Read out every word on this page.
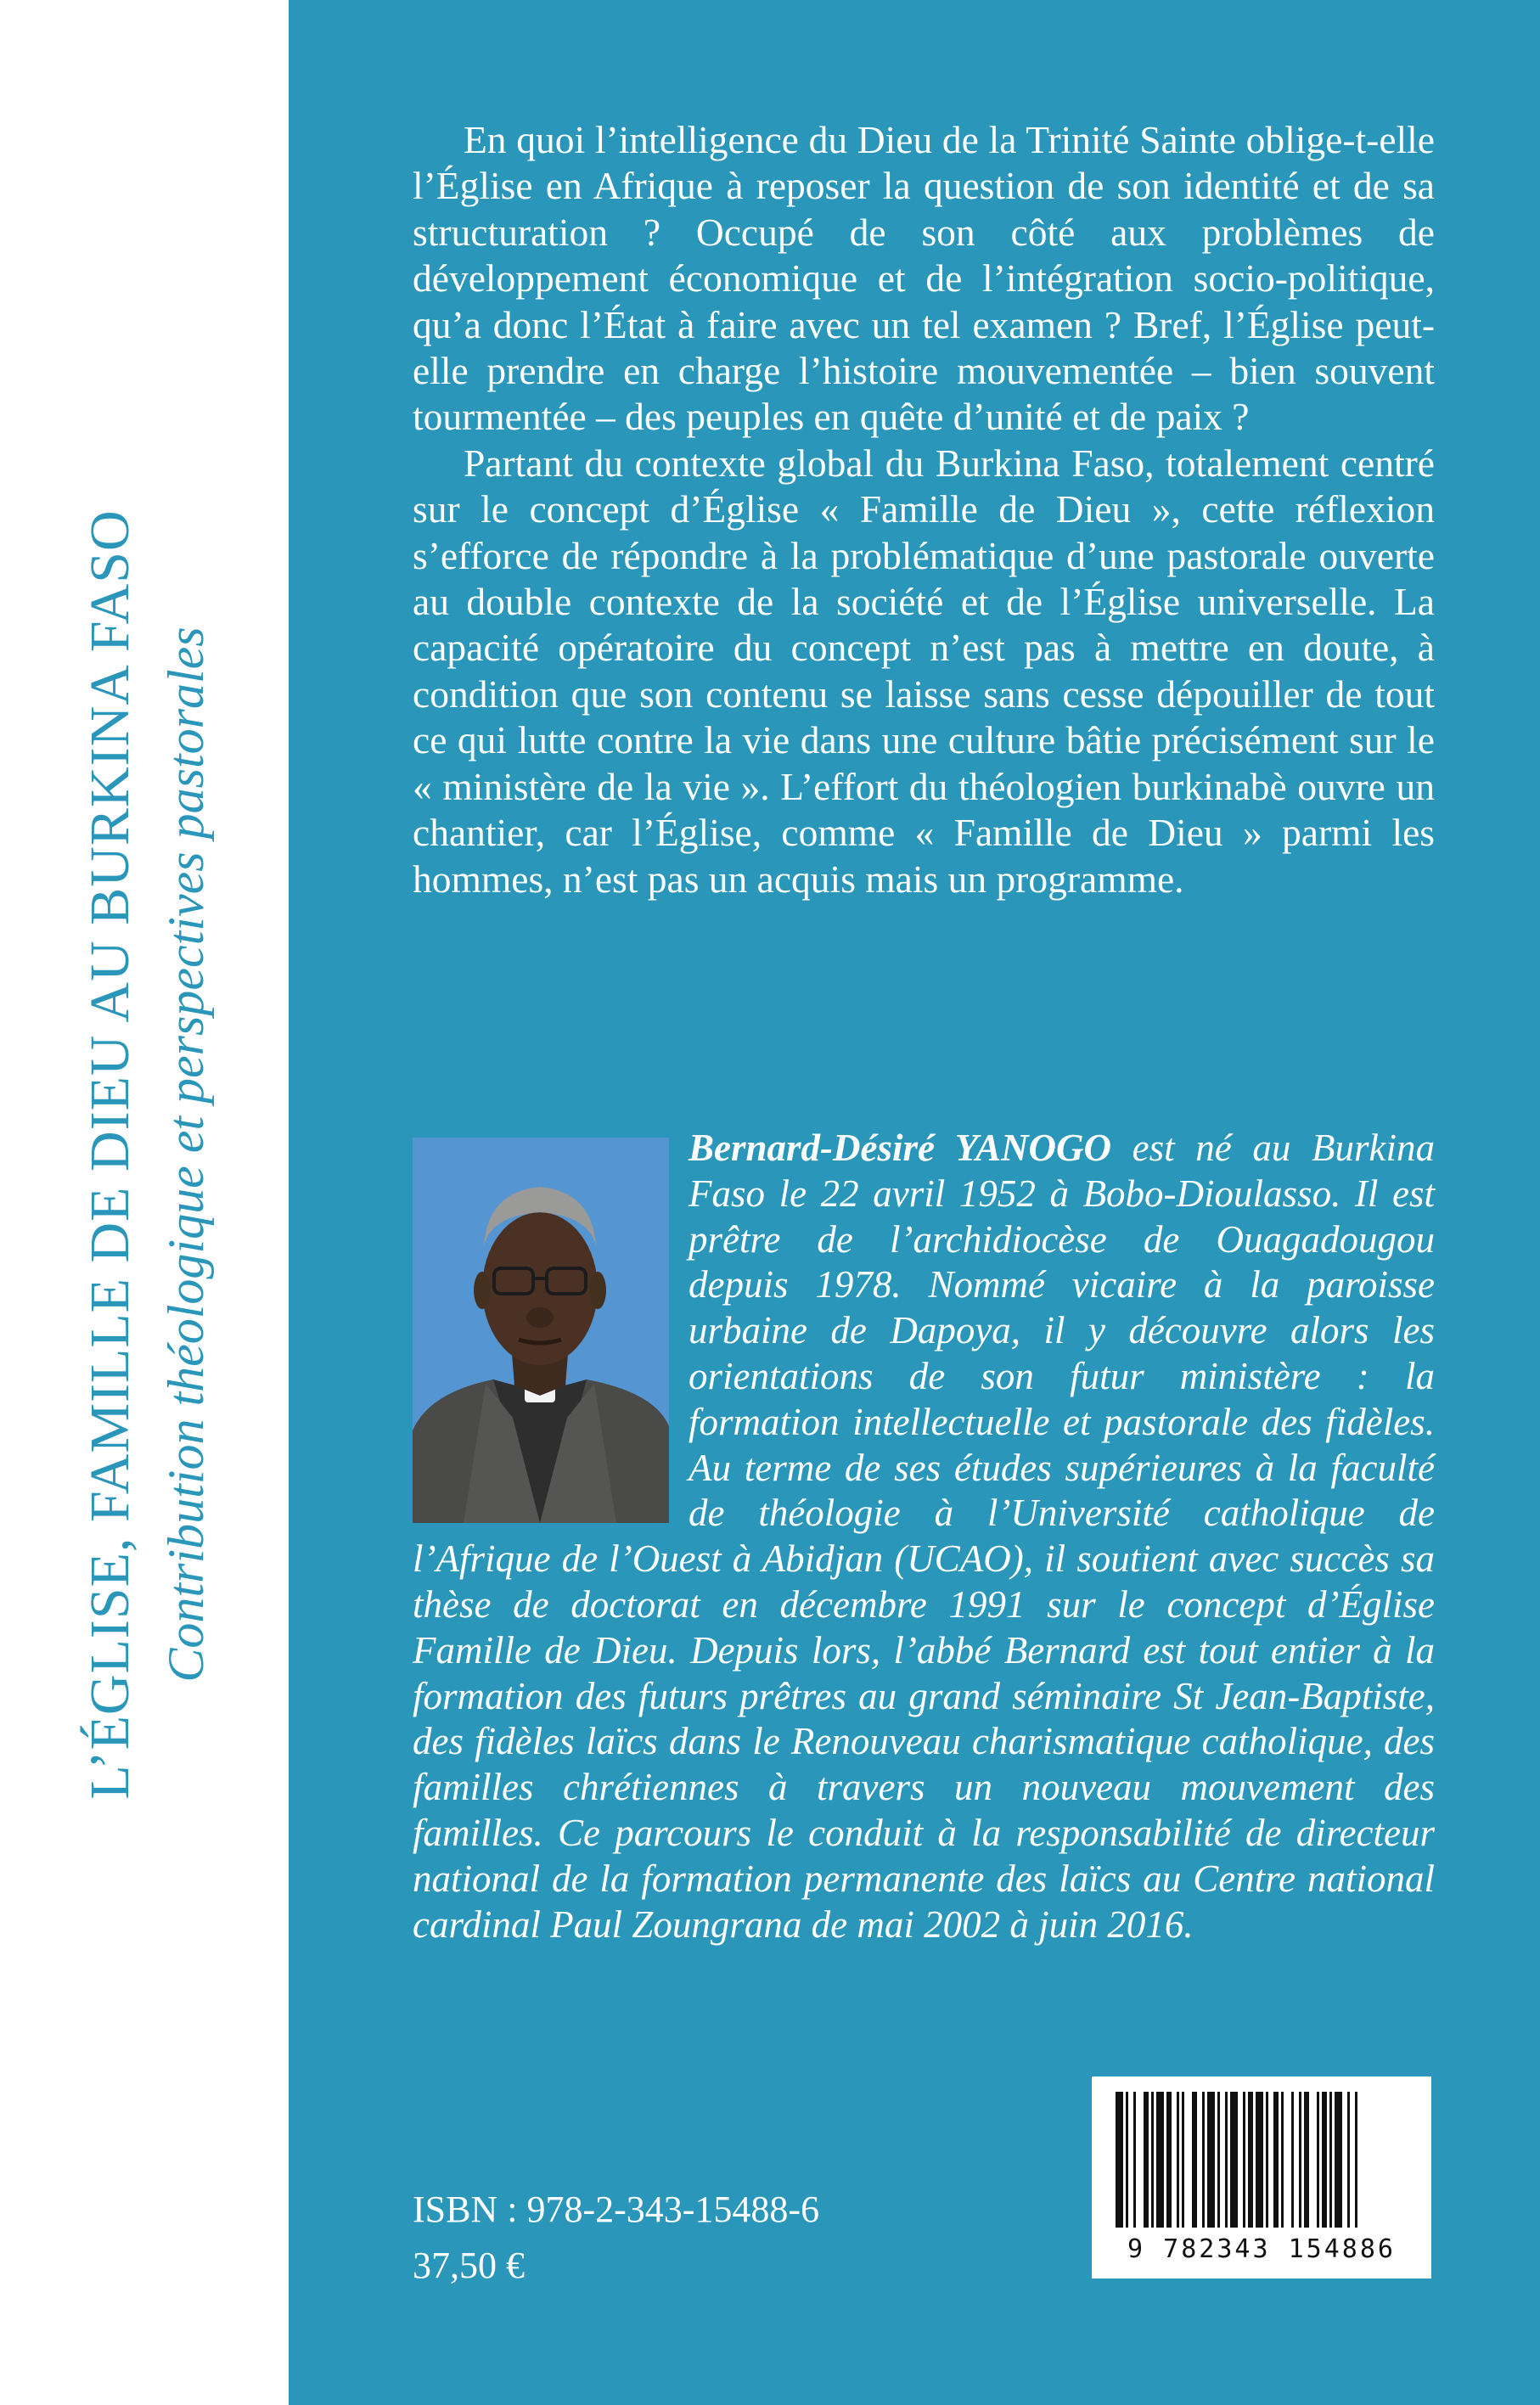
L’ÉGLISE, FAMILLE DE DIEU AU BURKINA FASO Contribution théologique et perspectives pastorales

En quoi l’intelligence du Dieu de la Trinité Sainte oblige-t-elle l’Église en Afrique à reposer la question de son identité et de sa structuration ? Occupé de son côté aux problèmes de développement économique et de l’intégration socio-politique, qu’a donc l’État à faire avec un tel examen ? Bref, l’Église peut-elle prendre en charge l’histoire mouvementée – bien souvent tourmentée – des peuples en quête d’unité et de paix ?

Partant du contexte global du Burkina Faso, totalement centré sur le concept d’Église « Famille de Dieu », cette réflexion s’efforce de répondre à la problématique d’une pastorale ouverte au double contexte de la société et de l’Église universelle. La capacité opératoire du concept n’est pas à mettre en doute, à condition que son contenu se laisse sans cesse dépouiller de tout ce qui lutte contre la vie dans une culture bâtie précisément sur le « ministère de la vie ». L’effort du théologien burkinabè ouvre un chantier, car l’Église, comme « Famille de Dieu » parmi les hommes, n’est pas un acquis mais un programme.

Bernard-Désiré YANOGO est né au Burkina Faso le 22 avril 1952 à Bobo-Dioulasso. Il est prêtre de l’archidiocèse de Ouagadougou depuis 1978. Nommé vicaire à la paroisse urbaine de Dapoya, il y découvre alors les orientations de son futur ministère : la formation intellectuelle et pastorale des fidèles. Au terme de ses études supérieures à la faculté de théologie à l’Université catholique de l’Afrique de l’Ouest à Abidjan (UCAO), il soutient avec succès sa thèse de doctorat en décembre 1991 sur le concept d’Église Famille de Dieu. Depuis lors, l’abbé Bernard est tout entier à la formation des futurs prêtres au grand séminaire St Jean-Baptiste, des fidèles laïcs dans le Renouveau charismatique catholique, des familles chrétiennes à travers un nouveau mouvement des familles. Ce parcours le conduit à la responsabilité de directeur national de la formation permanente des laïcs au Centre national cardinal Paul Zoungrana de mai 2002 à juin 2016.

ISBN : 978-2-343-15488-6
37,50 €	9 782343 154886
